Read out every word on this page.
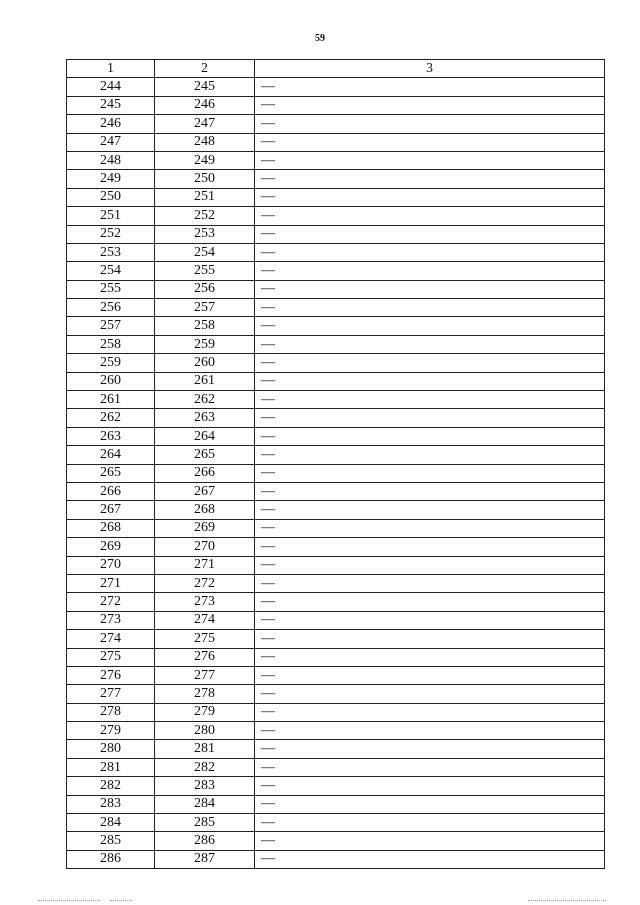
59
1	2	3
244	245	—
245	246	—
246	247	—
247	248	—
248	249	—
249	250	—
250	251	—
251	252	—
252	253	—
253	254	—
254	255	—
255	256	—
256	257	—
257	258	—
258	259	—
259	260	—
260	261	—
261	262	—
262	263	—
263	264	—
264	265	—
265	266	—
266	267	—
267	268	—
268	269	—
269	270	—
270	271	—
271	272	—
272	273	—
273	274	—
274	275	—
275	276	—
276	277	—
277	278	—
278	279	—
279	280	—
280	281	—
281	282	—
282	283	—
283	284	—
284	285	—
285	286	—
286	287	—
